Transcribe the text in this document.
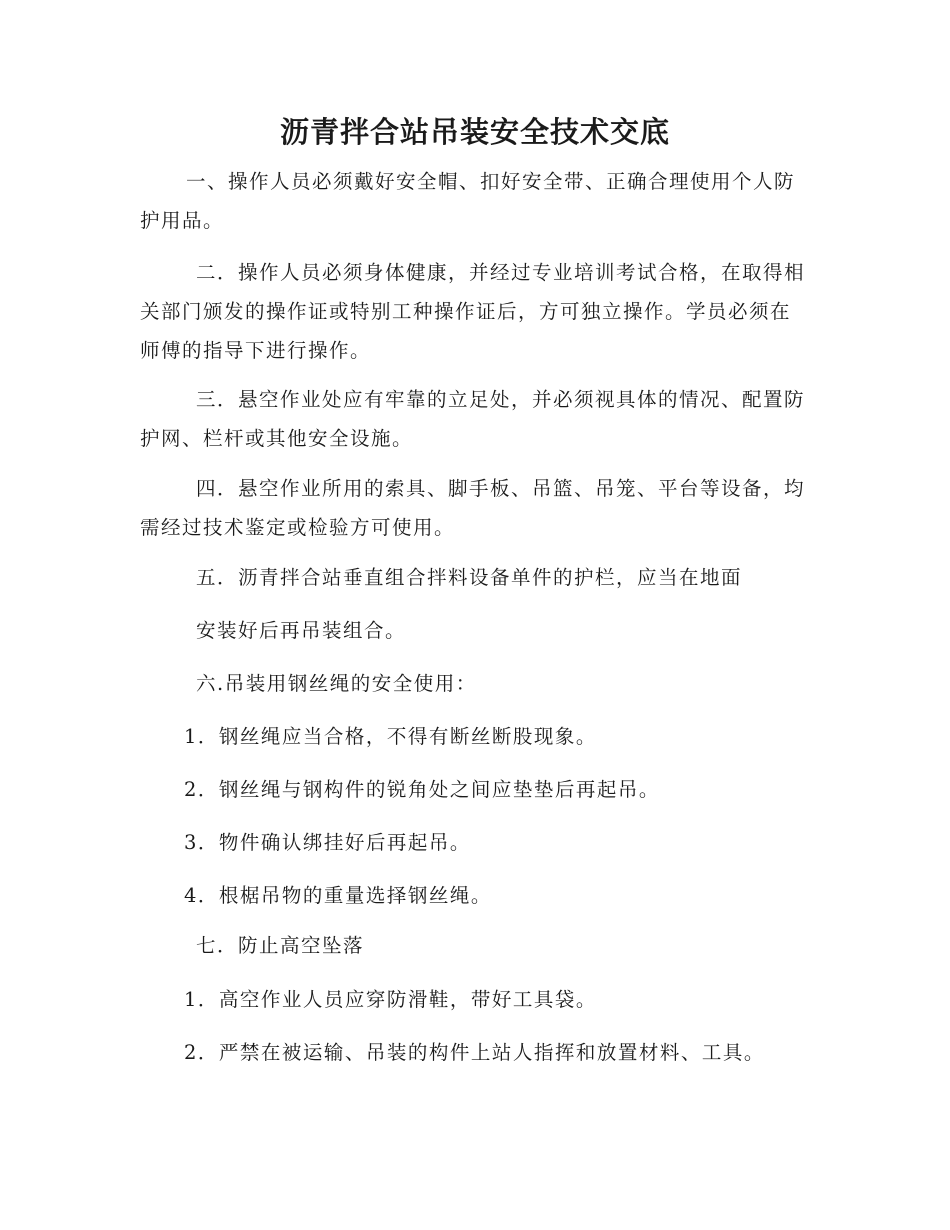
沥青拌合站吊装安全技术交底

一、操作人员必须戴好安全帽、扣好安全带、正确合理使用个人防护用品。

二．操作人员必须身体健康，并经过专业培训考试合格，在取得相关部门颁发的操作证或特别工种操作证后，方可独立操作。学员必须在师傅的指导下进行操作。

三．悬空作业处应有牢靠的立足处，并必须视具体的情况、配置防护网、栏杆或其他安全设施。

四．悬空作业所用的索具、脚手板、吊篮、吊笼、平台等设备，均需经过技术鉴定或检验方可使用。

五．沥青拌合站垂直组合拌料设备单件的护栏，应当在地面

安装好后再吊装组合。

六.吊装用钢丝绳的安全使用：

1．钢丝绳应当合格，不得有断丝断股现象。

2．钢丝绳与钢构件的锐角处之间应垫垫后再起吊。

3．物件确认绑挂好后再起吊。

4．根椐吊物的重量选择钢丝绳。

七．防止高空坠落

1．高空作业人员应穿防滑鞋，带好工具袋。

2．严禁在被运输、吊装的构件上站人指挥和放置材料、工具。
